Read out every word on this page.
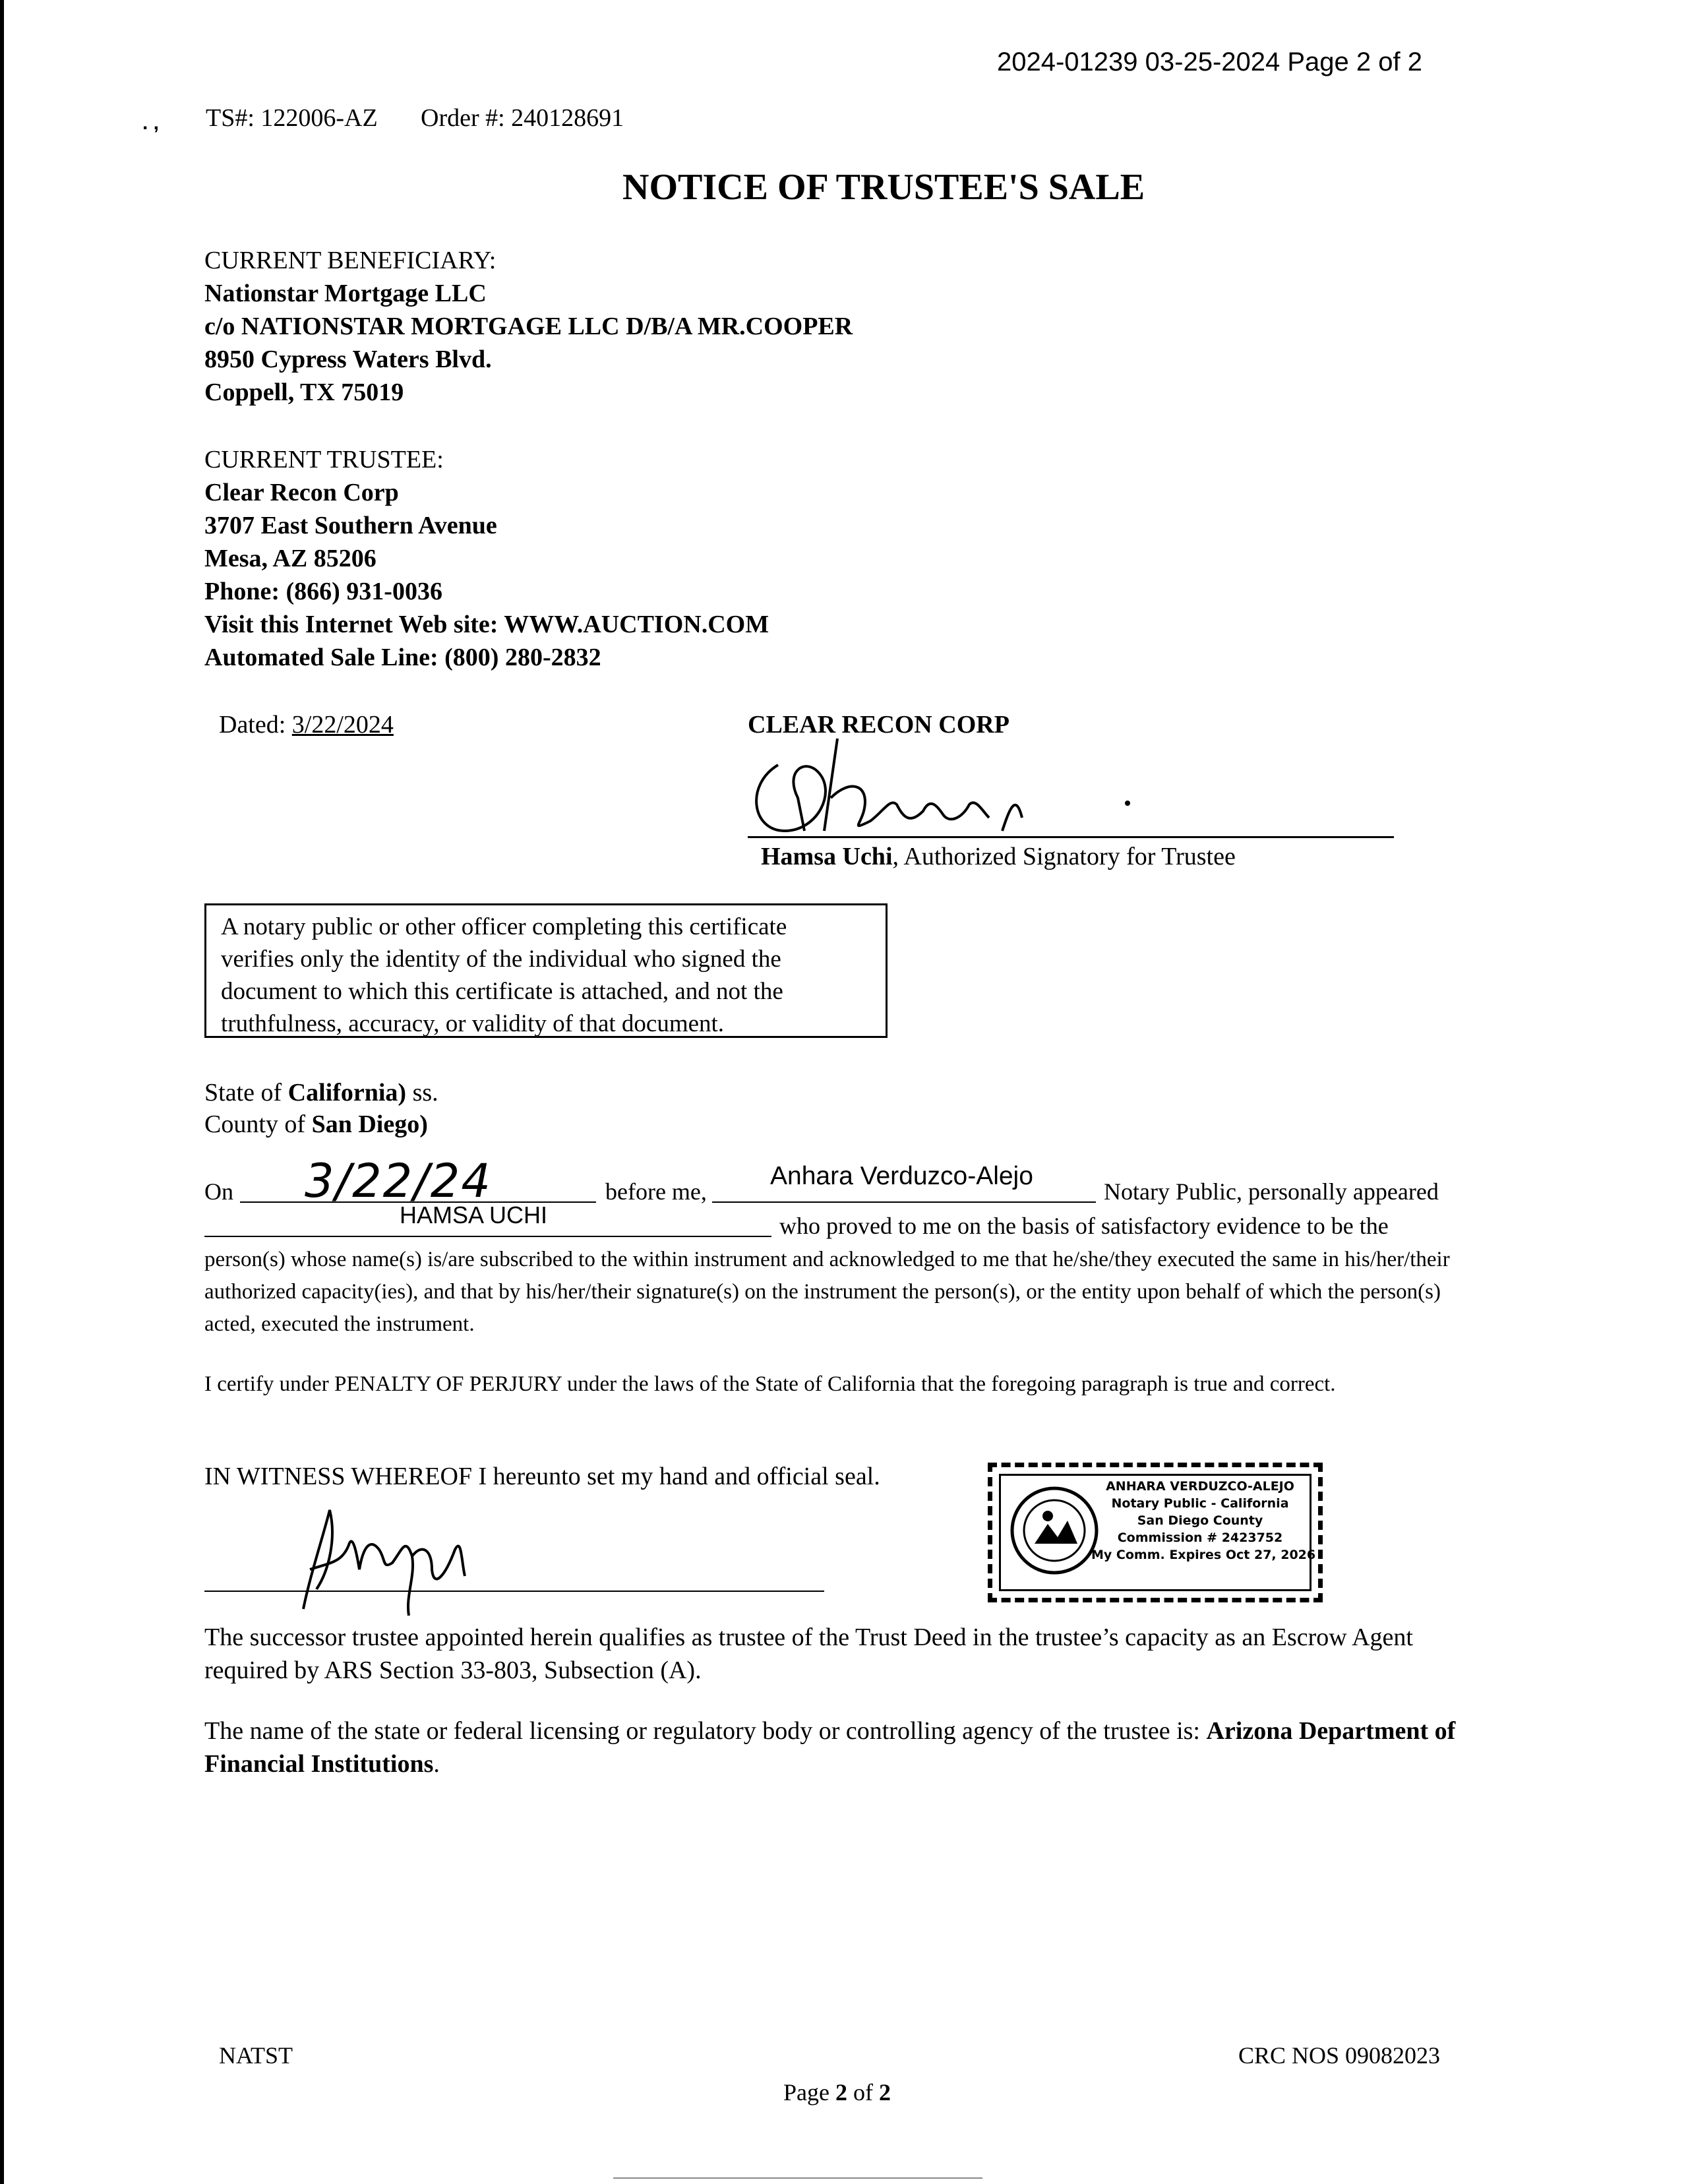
2024-01239 03-25-2024 Page 2 of 2
. , TS#: 122006-AZ Order #: 240128691
NOTICE OF TRUSTEE'S SALE
CURRENT BENEFICIARY:
Nationstar Mortgage LLC
c/o NATIONSTAR MORTGAGE LLC D/B/A MR.COOPER
8950 Cypress Waters Blvd.
Coppell, TX 75019
CURRENT TRUSTEE:
Clear Recon Corp
3707 East Southern Avenue
Mesa, AZ 85206
Phone: (866) 931-0036
Visit this Internet Web site: WWW.AUCTION.COM
Automated Sale Line: (800) 280-2832
Dated: 3/22/2024	CLEAR RECON CORP
Hamsa Uchi, Authorized Signatory for Trustee
A notary public or other officer completing this certificate
verifies only the identity of the individual who signed the
document to which this certificate is attached, and not the
truthfulness, accuracy, or validity of that document.
State of California) ss.
County of San Diego)
On 3/22/24	before me,
Anhara Verduzco-Alejo
Notary Public, personally appeared
HAMSA UCHI	who proved to me on the basis of satisfactory evidence to be the
person(s) whose name(s) is/are subscribed to the within instrument and acknowledged to me that he/she/they executed the same in his/her/their authorized capacity(ies), and that by his/her/their signature(s) on the instrument the person(s), or the entity upon behalf of which the person(s) acted, executed the instrument.
I certify under PENALTY OF PERJURY under the laws of the State of California that the foregoing paragraph is true and correct.
IN WITNESS WHEREOF I hereunto set my hand and official seal.	ANHARA VERDUZCO-ALEJO
Notary Public - California
San Diego County
Commission # 2423752
My Comm. Expires Oct 27, 2026
The successor trustee appointed herein qualifies as trustee of the Trust Deed in the trustee’s capacity as an Escrow Agent required by ARS Section 33-803, Subsection (A).
The name of the state or federal licensing or regulatory body or controlling agency of the trustee is: Arizona Department of Financial Institutions.
NATST	CRC NOS 09082023
Page 2 of 2
